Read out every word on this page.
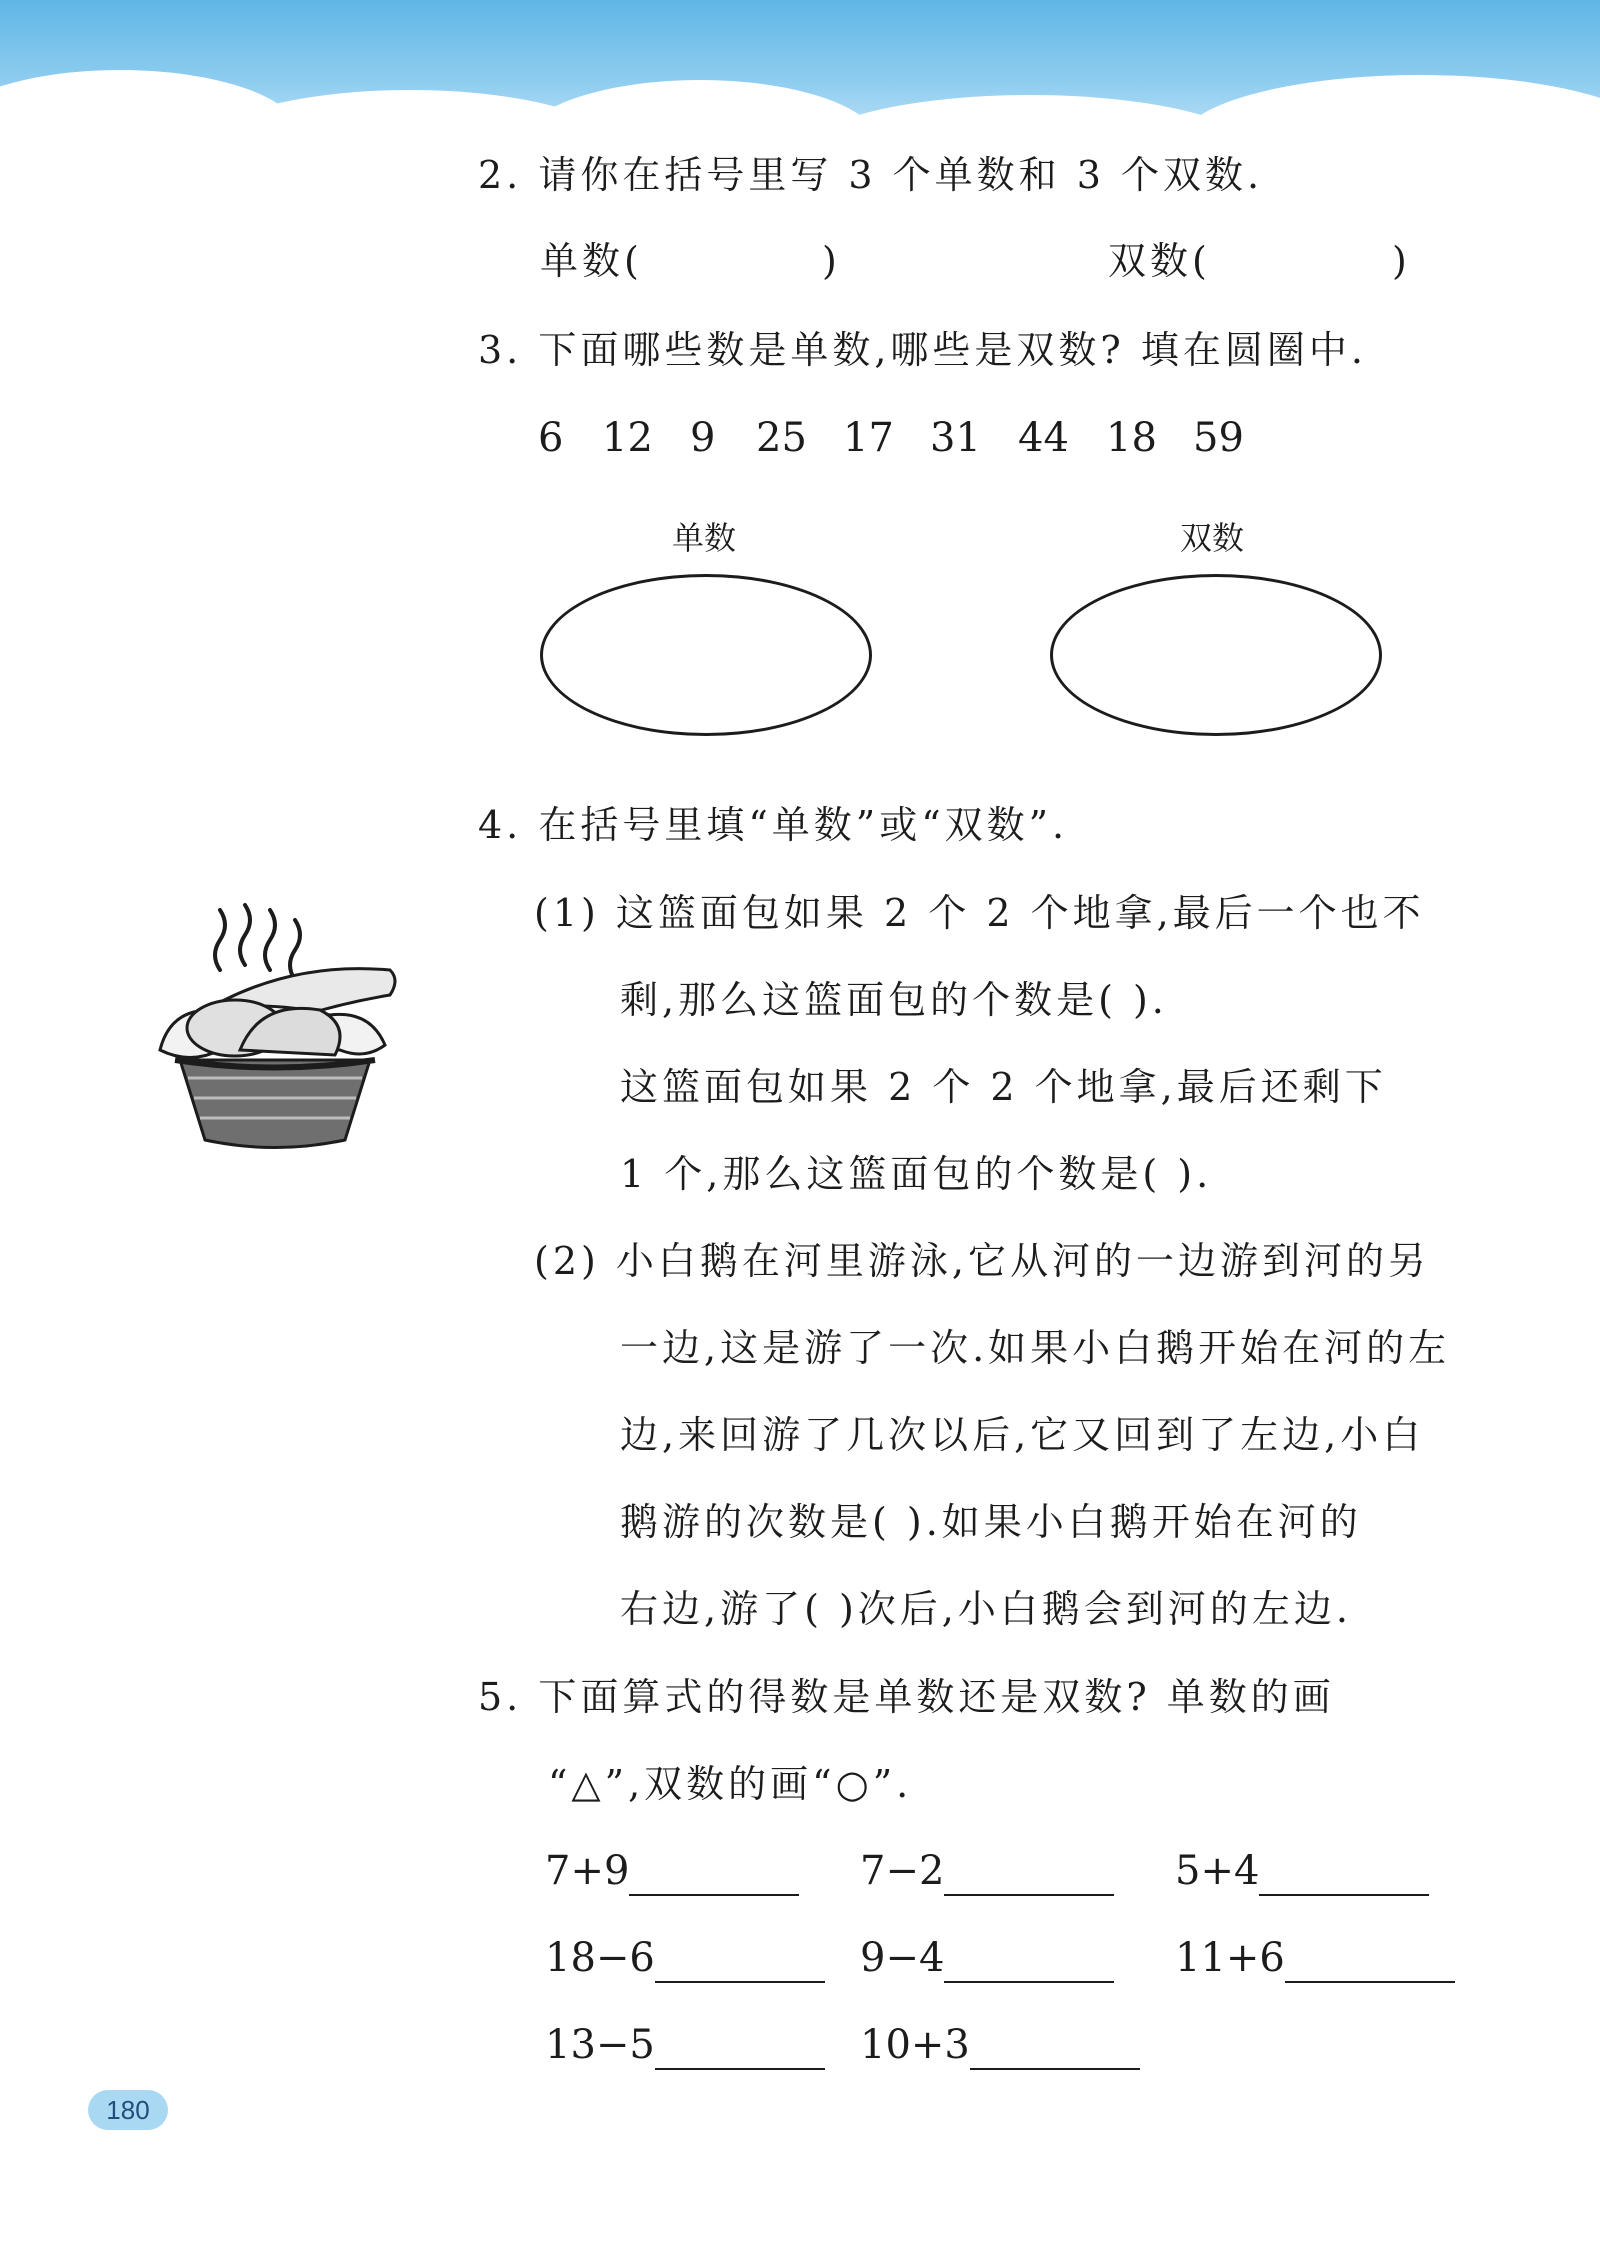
2. 请你在括号里写 3 个单数和 3 个双数.
单数(	)	双数(	)
3. 下面哪些数是单数,哪些是双数? 填在圆圈中.
6 12 9 25 17 31 44 18 59
单数	双数
4. 在括号里填“单数”或“双数”.
(1) 这篮面包如果 2 个 2 个地拿,最后一个也不
剩,那么这篮面包的个数是( ).
这篮面包如果 2 个 2 个地拿,最后还剩下
1 个,那么这篮面包的个数是( ).
(2) 小白鹅在河里游泳,它从河的一边游到河的另
一边,这是游了一次.如果小白鹅开始在河的左
边,来回游了几次以后,它又回到了左边,小白
鹅游的次数是( ).如果小白鹅开始在河的
右边,游了( )次后,小白鹅会到河的左边.
5. 下面算式的得数是单数还是双数? 单数的画
“△”,双数的画“○”.
7+9	7−2	5+4
18−6	9−4	11+6
13−5	10+3
180
